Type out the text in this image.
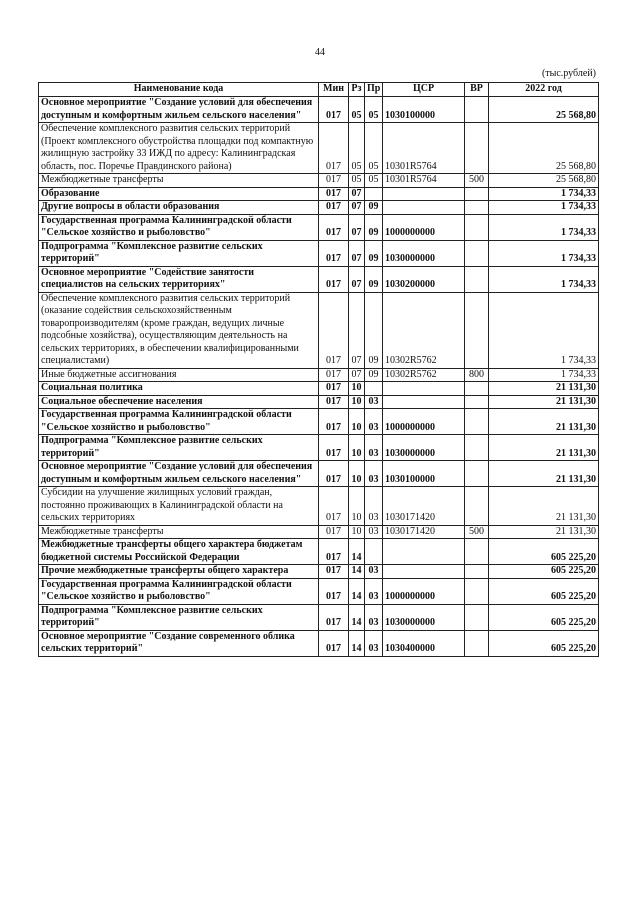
44
(тыс.рублей)
Наименование кода	Мин	Рз	Пр	ЦСР	ВР	2022 год
Основное мероприятие "Создание условий для обеспечения доступным и комфортным жильем сельского населения"	017	05	05	1030100000		25 568,80
Обеспечение комплексного развития сельских территорий (Проект комплексного обустройства площадки под компактную жилищную застройку 33 ИЖД по адресу: Калининградская область, пос. Поречье Правдинского района)	017	05	05	10301R5764		25 568,80
Межбюджетные трансферты	017	05	05	10301R5764	500	25 568,80
Образование	017	07				1 734,33
Другие вопросы в области образования	017	07	09			1 734,33
Государственная программа Калининградской области "Сельское хозяйство и рыболовство"	017	07	09	1000000000		1 734,33
Подпрограмма "Комплексное развитие сельских территорий"	017	07	09	1030000000		1 734,33
Основное мероприятие "Содействие занятости специалистов на сельских территориях"	017	07	09	1030200000		1 734,33
Обеспечение комплексного развития сельских территорий (оказание содействия сельскохозяйственным товаропроизводителям (кроме граждан, ведущих личные подсобные хозяйства), осуществляющим деятельность на сельских территориях, в обеспечении квалифицированными специалистами)	017	07	09	10302R5762		1 734,33
Иные бюджетные ассигнования	017	07	09	10302R5762	800	1 734,33
Социальная политика	017	10				21 131,30
Социальное обеспечение населения	017	10	03			21 131,30
Государственная программа Калининградской области "Сельское хозяйство и рыболовство"	017	10	03	1000000000		21 131,30
Подпрограмма "Комплексное развитие сельских территорий"	017	10	03	1030000000		21 131,30
Основное мероприятие "Создание условий для обеспечения доступным и комфортным жильем сельского населения"	017	10	03	1030100000		21 131,30
Субсидии на улучшение жилищных условий граждан, постоянно проживающих в Калининградской области на сельских территориях	017	10	03	1030171420		21 131,30
Межбюджетные трансферты	017	10	03	1030171420	500	21 131,30
Межбюджетные трансферты общего характера бюджетам бюджетной системы Российской Федерации	017	14				605 225,20
Прочие межбюджетные трансферты общего характера	017	14	03			605 225,20
Государственная программа Калининградской области "Сельское хозяйство и рыболовство"	017	14	03	1000000000		605 225,20
Подпрограмма "Комплексное развитие сельских территорий"	017	14	03	1030000000		605 225,20
Основное мероприятие "Создание современного облика сельских территорий"	017	14	03	1030400000		605 225,20
